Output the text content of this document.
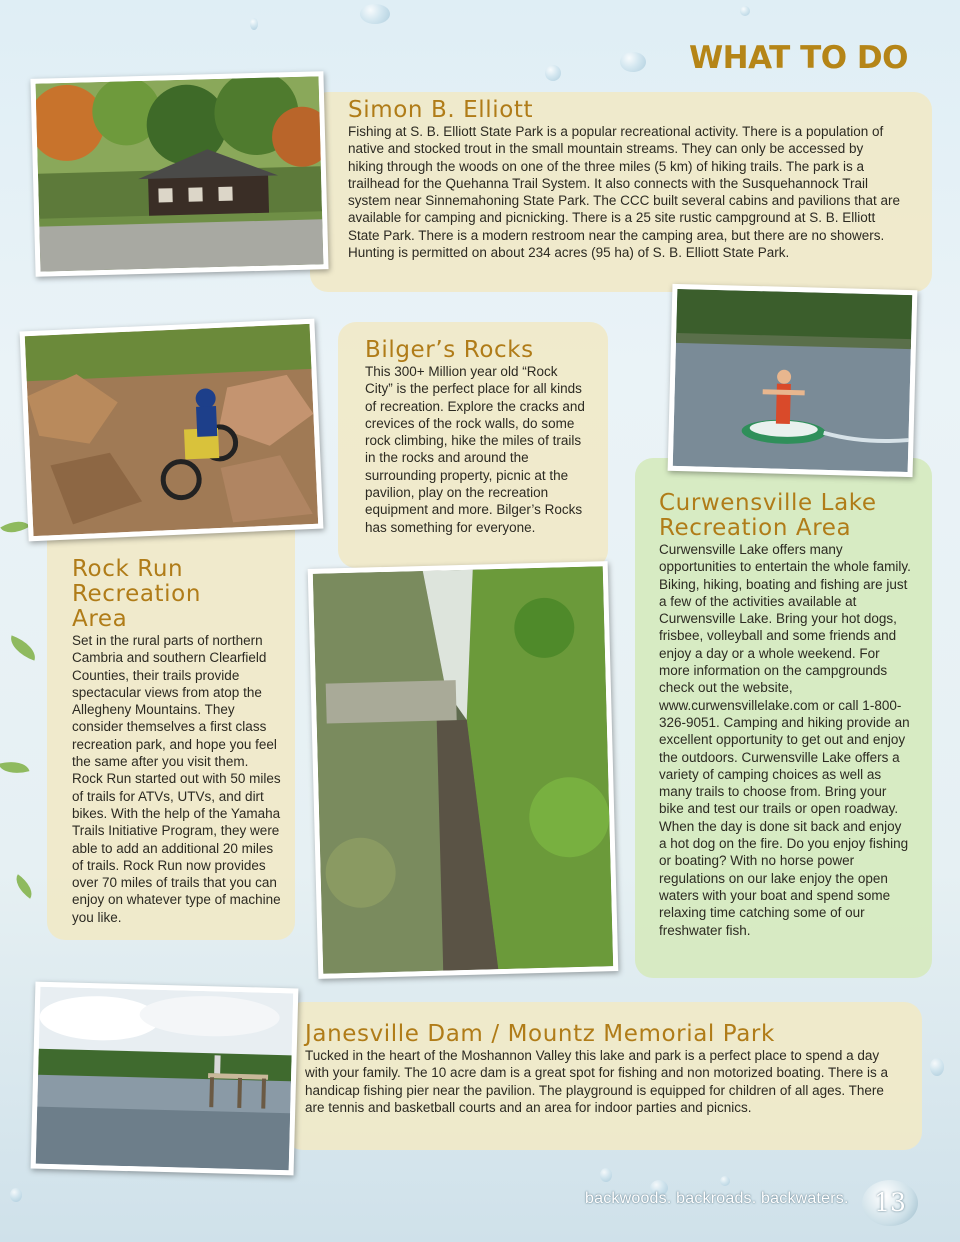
WHAT TO DO
Simon B. Elliott

Fishing at S. B. Elliott State Park is a popular recreational activity. There is a population of native and stocked trout in the small mountain streams. They can only be accessed by hiking through the woods on one of the three miles (5 km) of hiking trails. The park is a trailhead for the Quehanna Trail System. It also connects with the Susquehannock Trail system near Sinnemahoning State Park. The CCC built several cabins and pavilions that are available for camping and picnicking. There is a 25 site rustic campground at S. B. Elliott State Park. There is a modern restroom near the camping area, but there are no showers. Hunting is permitted on about 234 acres (95 ha) of S. B. Elliott State Park.

Bilger’s Rocks

This 300+ Million year old “Rock City” is the perfect place for all kinds of recreation. Explore the cracks and crevices of the rock walls, do some rock climbing, hike the miles of trails in the rocks and around the surrounding property, picnic at the pavilion, play on the recreation equipment and more. Bilger’s Rocks has something for everyone.

Rock Run Recreation Area

Set in the rural parts of northern Cambria and southern Clearfield Counties, their trails provide spectacular views from atop the Allegheny Mountains. They consider themselves a first class recreation park, and hope you feel the same after you visit them. Rock Run started out with 50 miles of trails for ATVs, UTVs, and dirt bikes. With the help of the Yamaha Trails Initiative Program, they were able to add an additional 20 miles of trails. Rock Run now provides over 70 miles of trails that you can enjoy on whatever type of machine you like.

Curwensville Lake Recreation Area

Curwensville Lake offers many opportunities to entertain the whole family. Biking, hiking, boating and fishing are just a few of the activities available at Curwensville Lake. Bring your hot dogs, frisbee, volleyball and some friends and enjoy a day or a whole weekend. For more information on the campgrounds check out the website, www.curwensvillelake.com or call 1-800-326-9051. Camping and hiking provide an excellent opportunity to get out and enjoy the outdoors. Curwensville Lake offers a variety of camping choices as well as many trails to choose from. Bring your bike and test our trails or open roadway. When the day is done sit back and enjoy a hot dog on the fire. Do you enjoy fishing or boating? With no horse power regulations on our lake enjoy the open waters with your boat and spend some relaxing time catching some of our freshwater fish.

Janesville Dam / Mountz Memorial Park

Tucked in the heart of the Moshannon Valley this lake and park is a perfect place to spend a day with your family. The 10 acre dam is a great spot for fishing and non motorized boating. There is a handicap fishing pier near the pavilion. The playground is equipped for children of all ages. There are tennis and basketball courts and an area for indoor parties and picnics.

backwoods. backroads. backwaters.	13
